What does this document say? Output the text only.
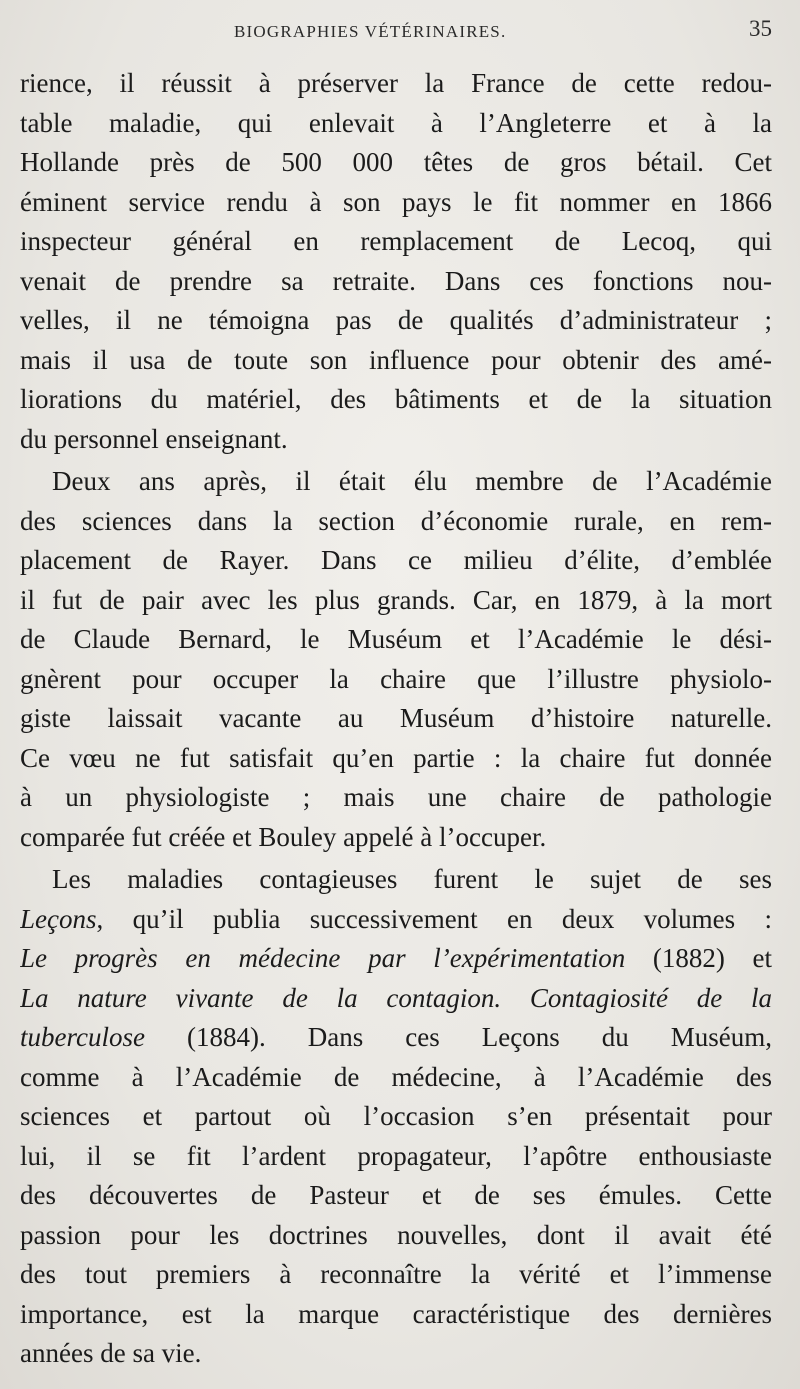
BIOGRAPHIES VÉTÉRINAIRES.	35
rience, il réussit à préserver la France de cette redou-
table maladie, qui enlevait à l’Angleterre et à la
Hollande près de 500 000 têtes de gros bétail. Cet
éminent service rendu à son pays le fit nommer en 1866
inspecteur général en remplacement de Lecoq, qui
venait de prendre sa retraite. Dans ces fonctions nou-
velles, il ne témoigna pas de qualités d’administrateur ;
mais il usa de toute son influence pour obtenir des amé-
liorations du matériel, des bâtiments et de la situation
du personnel enseignant.
Deux ans après, il était élu membre de l’Académie
des sciences dans la section d’économie rurale, en rem-
placement de Rayer. Dans ce milieu d’élite, d’emblée
il fut de pair avec les plus grands. Car, en 1879, à la mort
de Claude Bernard, le Muséum et l’Académie le dési-
gnèrent pour occuper la chaire que l’illustre physiolo-
giste laissait vacante au Muséum d’histoire naturelle.
Ce vœu ne fut satisfait qu’en partie : la chaire fut donnée
à un physiologiste ; mais une chaire de pathologie
comparée fut créée et Bouley appelé à l’occuper.
Les maladies contagieuses furent le sujet de ses
Leçons, qu’il publia successivement en deux volumes :
Le progrès en médecine par l’expérimentation (1882) et
La nature vivante de la contagion. Contagiosité de la
tuberculose (1884). Dans ces Leçons du Muséum,
comme à l’Académie de médecine, à l’Académie des
sciences et partout où l’occasion s’en présentait pour
lui, il se fit l’ardent propagateur, l’apôtre enthousiaste
des découvertes de Pasteur et de ses émules. Cette
passion pour les doctrines nouvelles, dont il avait été
des tout premiers à reconnaître la vérité et l’immense
importance, est la marque caractéristique des dernières
années de sa vie.
